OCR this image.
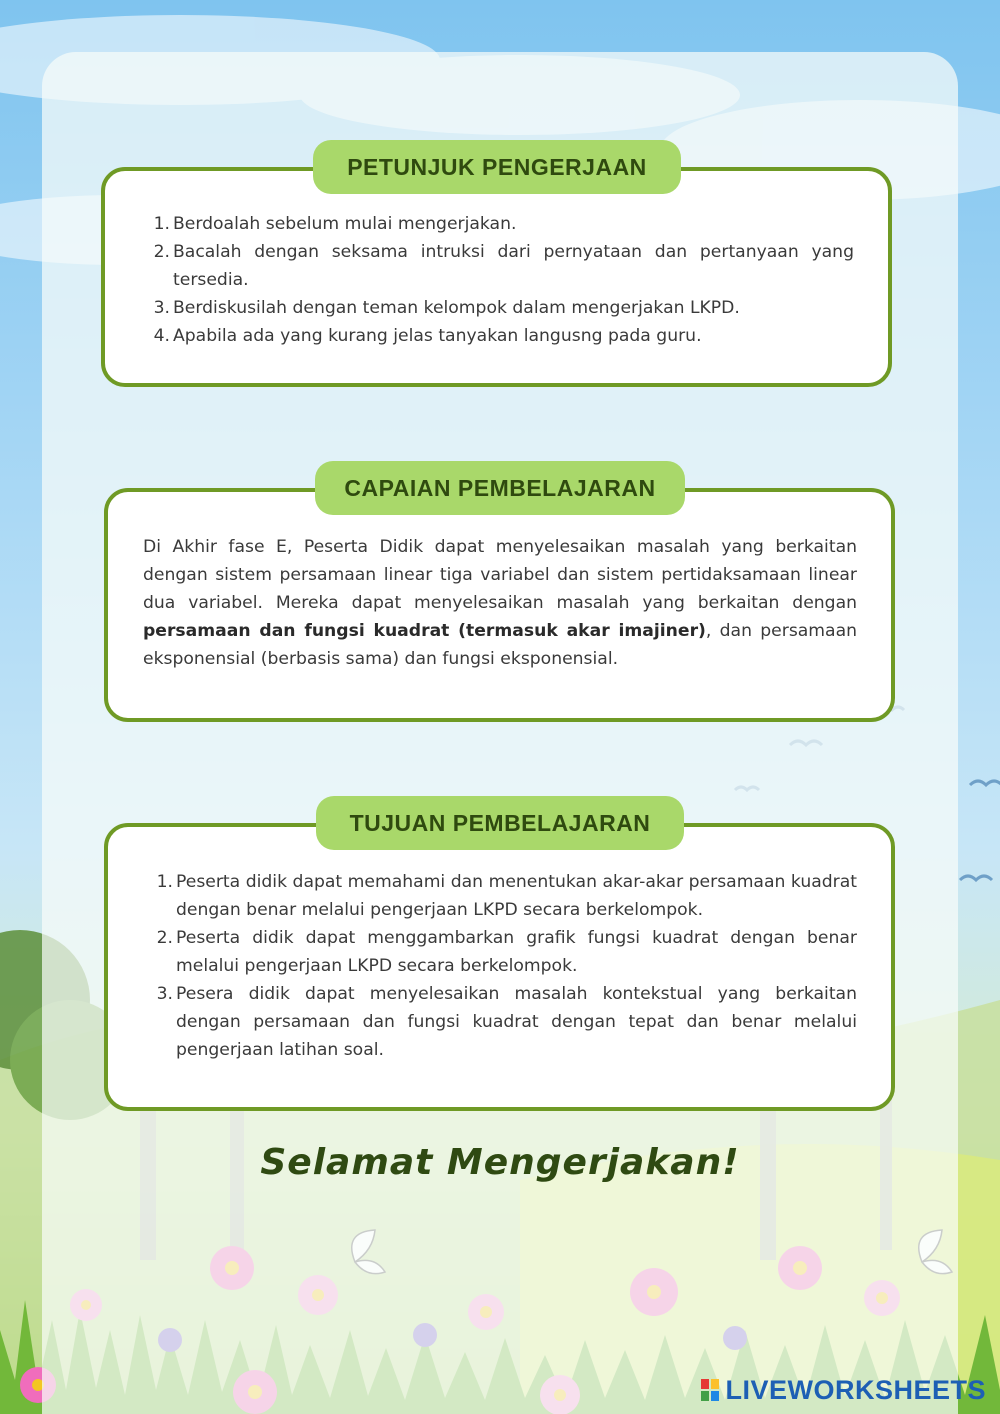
PETUNJUK PENGERJAAN
1. Berdoalah sebelum mulai mengerjakan.
2. Bacalah dengan seksama intruksi dari pernyataan dan pertanyaan yang tersedia.
3. Berdiskusilah dengan teman kelompok dalam mengerjakan LKPD.
4. Apabila ada yang kurang jelas tanyakan langusng pada guru.
CAPAIAN PEMBELAJARAN

Di Akhir fase E, Peserta Didik dapat menyelesaikan masalah yang berkaitan dengan sistem persamaan linear tiga variabel dan sistem pertidaksamaan linear dua variabel. Mereka dapat menyelesaikan masalah yang berkaitan dengan persamaan dan fungsi kuadrat (termasuk akar imajiner), dan persamaan eksponensial (berbasis sama) dan fungsi eksponensial.

TUJUAN PEMBELAJARAN
1. Peserta didik dapat memahami dan menentukan akar-akar persamaan kuadrat dengan benar melalui pengerjaan LKPD secara berkelompok.
2. Peserta didik dapat menggambarkan grafik fungsi kuadrat dengan benar melalui pengerjaan LKPD secara berkelompok.
3. Pesera didik dapat menyelesaikan masalah kontekstual yang berkaitan dengan persamaan dan fungsi kuadrat dengan tepat dan benar melalui pengerjaan latihan soal.
Selamat Mengerjakan!
LIVEWORKSHEETS
